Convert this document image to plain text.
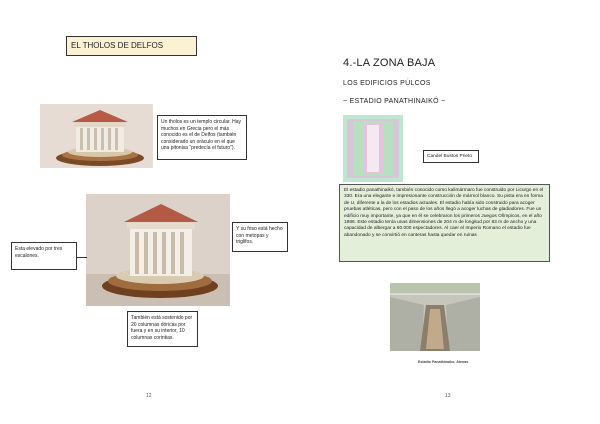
EL THOLOS DE DELFOS
Un tholos es un templo circular. Hay muchos en Grecia pero el más conocido es el de Delfos (también considerado un oráculo en el que una pitonisa "predecía el futuro").
Esta elevado por tres escalones.
Y su friso está hecho con metopas y triglifos.
También está sostenido por 20 columnas dóricas por fuera y en su interior, 10 columnas corintias.
12
4.-LA ZONA BAJA
LOS EDIFICIOS PÚLCOS
~ ESTADIO PANATHINAIKÓ ~
Candel Bustos Prieto
El estadio panathinaikó, también conocido como kalimármaro fue construido por Licurgo en el 330. Era una elegante e impresionante construcción de mármol blanco. Su pista era en forma de U, diferente a la de los estadios actuales. El estadio había sido construido para acoger pruebas atléticas, pero con el paso de los años llegó a acoger luchas de gladiadores. Fue un edificio muy importante, ya que en él se celebraron los primeros Juegos Olímpicos, en el año 1986. Este estadio tenía unas dimensiones de 204 m de longitud por 83 m de ancho y una capacidad de albergar a 60.000 espectadores. Al caer el Imperio Romano el estadio fue abandonado y se convirtió en canteras hasta quedar en ruinas
Estadio Panathinaiko, Atenas
13
